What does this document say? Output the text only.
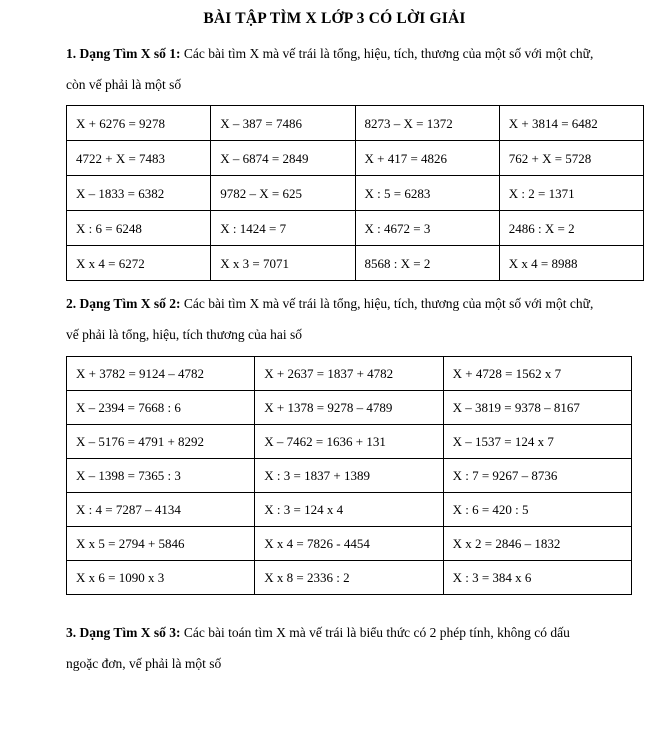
BÀI TẬP TÌM X LỚP 3 CÓ LỜI GIẢI

1. Dạng Tìm X số 1: Các bài tìm X mà vế trái là tổng, hiệu, tích, thương của một số với một chữ, còn vế phải là một số

X + 6276 = 9278	X – 387 = 7486	8273 – X = 1372	X + 3814 = 6482
4722 + X = 7483	X – 6874 = 2849	X + 417 = 4826	762 + X = 5728
X – 1833 = 6382	9782 – X = 625	X : 5 = 6283	X : 2 = 1371
X : 6 = 6248	X : 1424 = 7	X : 4672 = 3	2486 : X = 2
X x 4 = 6272	X x 3 = 7071	8568 : X = 2	X x 4 = 8988

2. Dạng Tìm X số 2: Các bài tìm X mà vế trái là tổng, hiệu, tích, thương của một số với một chữ, vế phải là tổng, hiệu, tích thương của hai số

X + 3782 = 9124 – 4782	X + 2637 = 1837 + 4782	X + 4728 = 1562 x 7
X – 2394 = 7668 : 6	X + 1378 = 9278 – 4789	X – 3819 = 9378 – 8167
X – 5176 = 4791 + 8292	X – 7462 = 1636 + 131	X – 1537 = 124 x 7
X – 1398 = 7365 : 3	X : 3 = 1837 + 1389	X : 7 = 9267 – 8736
X : 4 = 7287 – 4134	X : 3 = 124 x 4	X : 6 = 420 : 5
X x 5 = 2794 + 5846	X x 4 = 7826 - 4454	X x 2 = 2846 – 1832
X x 6 = 1090 x 3	X x 8 = 2336 : 2	X : 3 = 384 x 6

3. Dạng Tìm X số 3: Các bài toán tìm X mà vế trái là biểu thức có 2 phép tính, không có dấu ngoặc đơn, vế phải là một số
